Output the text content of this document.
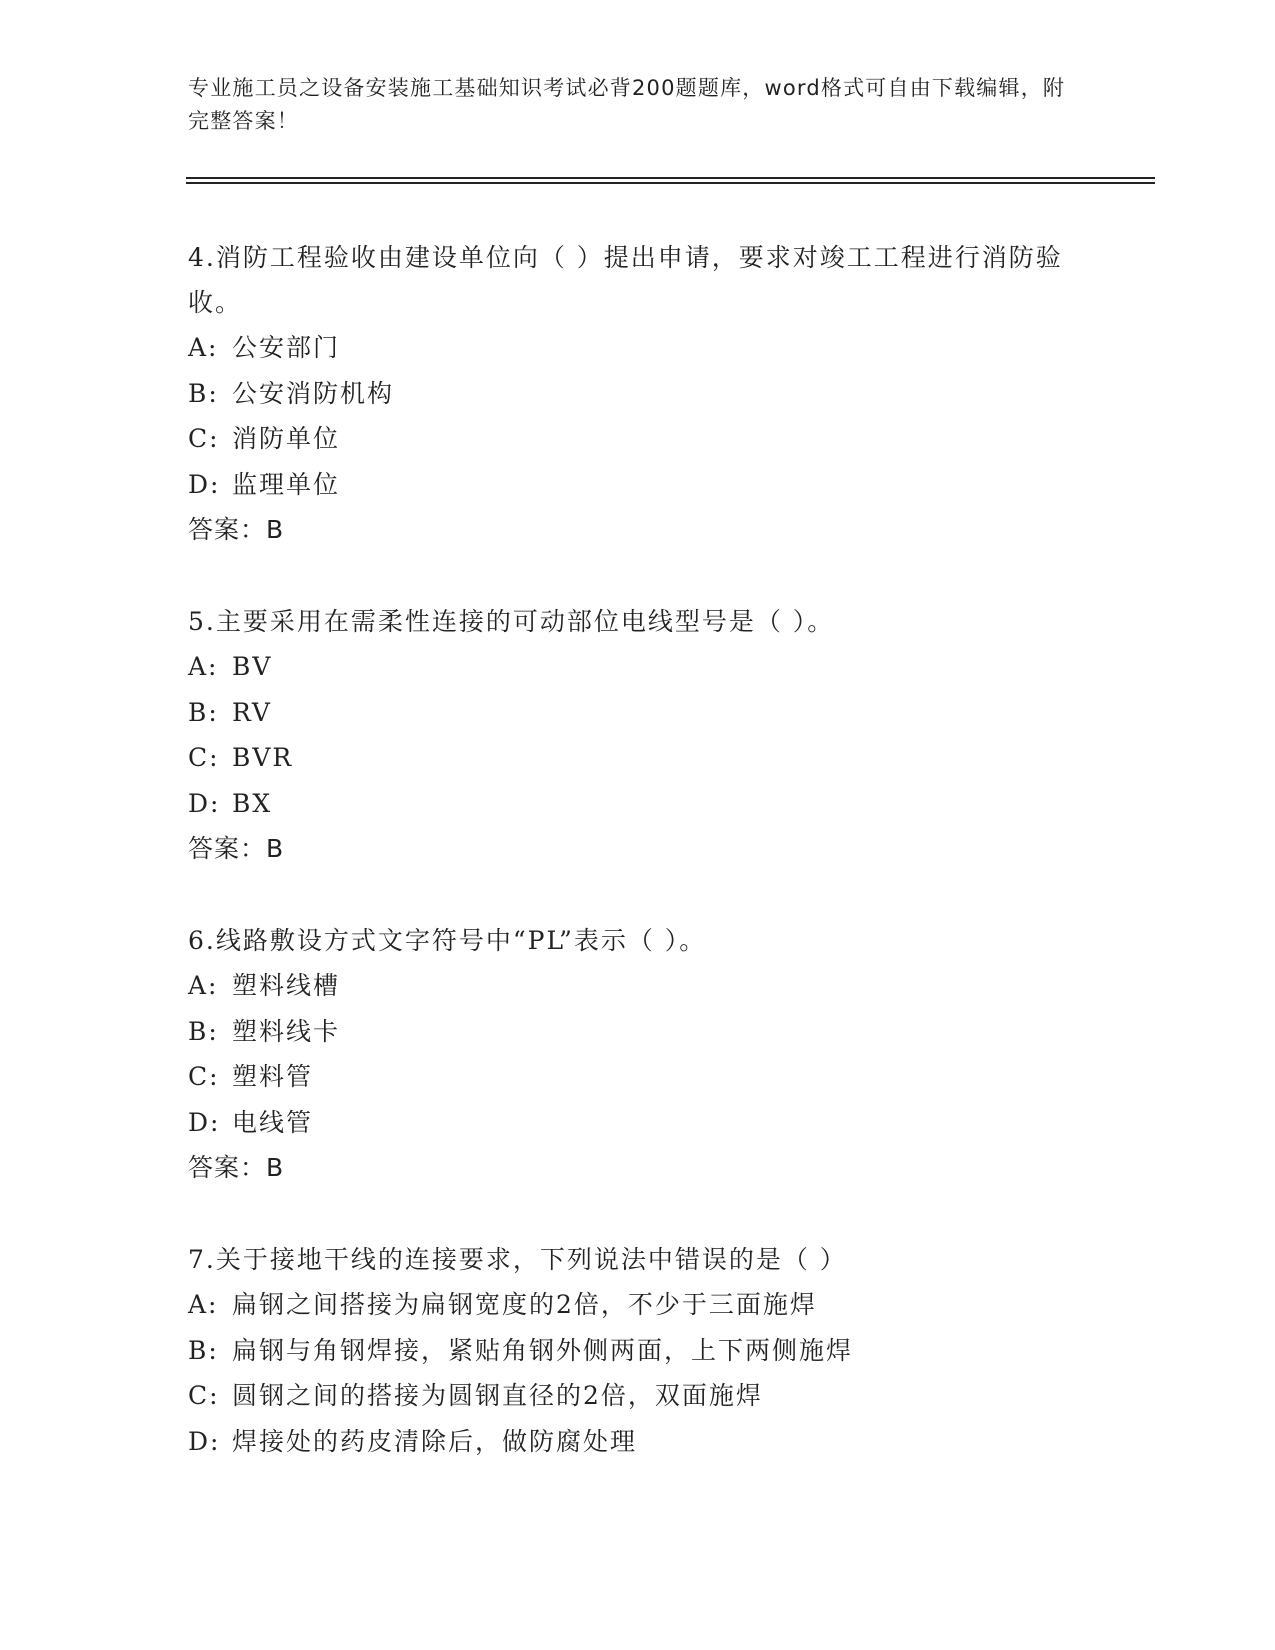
专业施工员之设备安装施工基础知识考试必背200题题库，word格式可自由下载编辑，附完整答案！

4.消防工程验收由建设单位向（ ）提出申请，要求对竣工工程进行消防验收。

A: 公安部门

B: 公安消防机构

C: 消防单位

D: 监理单位

答案：B

5.主要采用在需柔性连接的可动部位电线型号是（ ）。

A: BV

B: RV

C: BVR

D: BX

答案：B

6.线路敷设方式文字符号中“PL”表示（ ）。

A: 塑料线槽

B: 塑料线卡

C: 塑料管

D: 电线管

答案：B

7.关于接地干线的连接要求，下列说法中错误的是（ ）

A: 扁钢之间搭接为扁钢宽度的2倍，不少于三面施焊

B: 扁钢与角钢焊接，紧贴角钢外侧两面，上下两侧施焊

C: 圆钢之间的搭接为圆钢直径的2倍，双面施焊

D: 焊接处的药皮清除后，做防腐处理
